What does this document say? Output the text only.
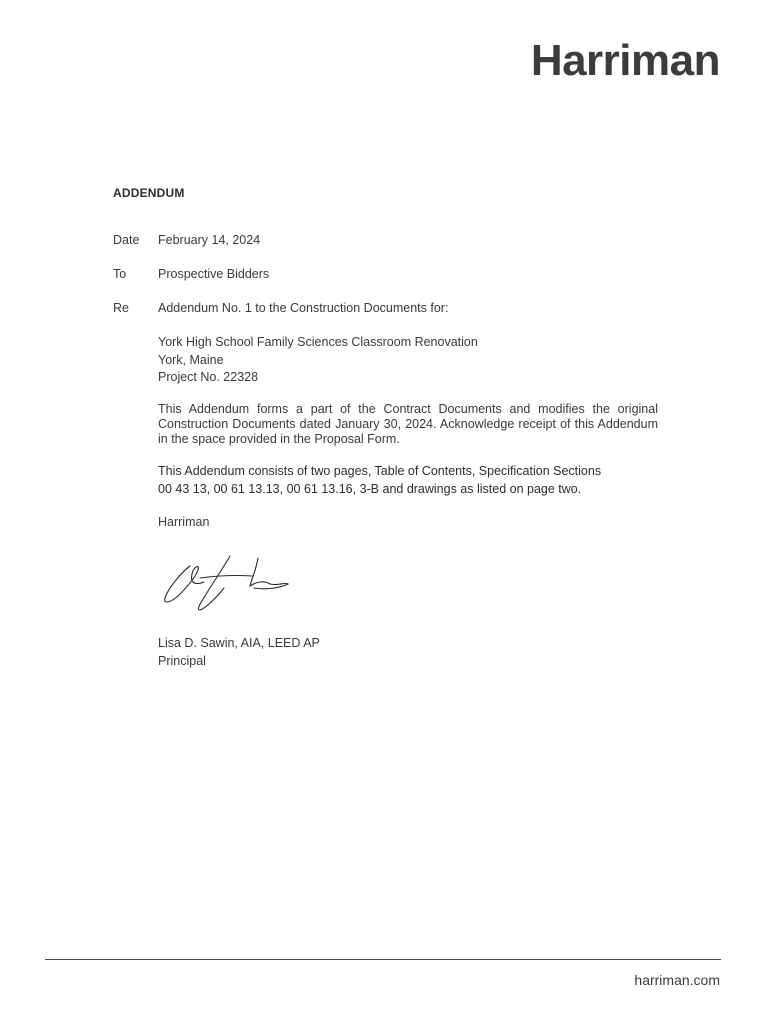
Harriman
ADDENDUM
Date	February 14, 2024
To	Prospective Bidders
Re	Addendum No. 1 to the Construction Documents for:
York High School Family Sciences Classroom Renovation
York, Maine
Project No. 22328
This Addendum forms a part of the Contract Documents and modifies the original Construction Documents dated January 30, 2024. Acknowledge receipt of this Addendum in the space provided in the Proposal Form.
This Addendum consists of two pages, Table of Contents, Specification Sections
00 43 13, 00 61 13.13, 00 61 13.16, 3-B and drawings as listed on page two.
Harriman
Lisa D. Sawin, AIA, LEED AP
Principal
harriman.com
